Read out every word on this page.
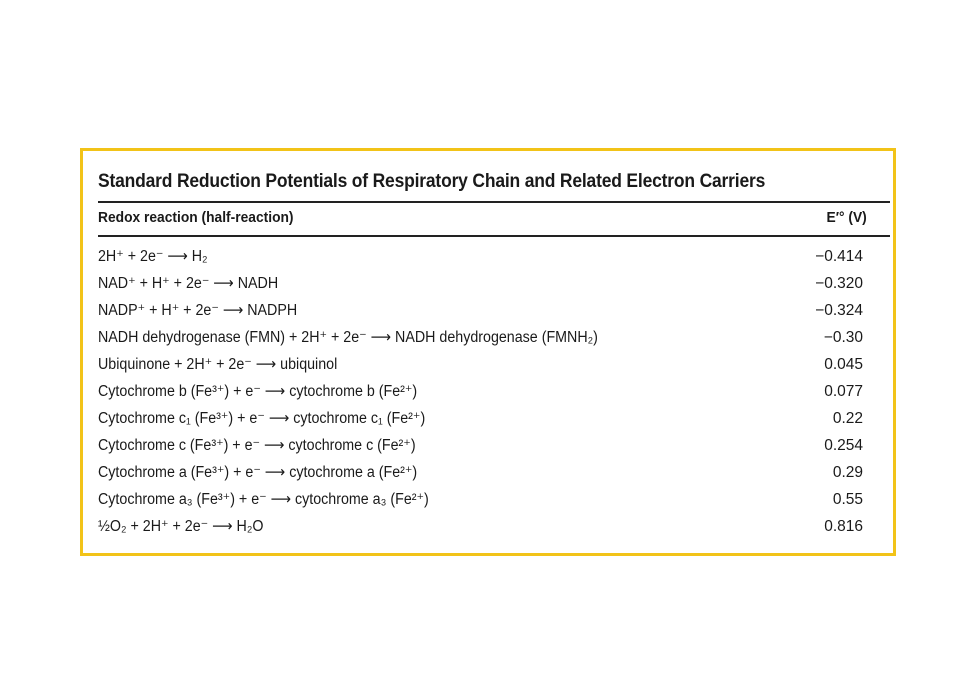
Standard Reduction Potentials of Respiratory Chain and Related Electron Carriers
Redox reaction (half-reaction)	E′° (V)
2H⁺ + 2e⁻ ⟶ H₂	−0.414
NAD⁺ + H⁺ + 2e⁻ ⟶ NADH	−0.320
NADP⁺ + H⁺ + 2e⁻ ⟶ NADPH	−0.324
NADH dehydrogenase (FMN) + 2H⁺ + 2e⁻ ⟶ NADH dehydrogenase (FMNH₂)	−0.30
Ubiquinone + 2H⁺ + 2e⁻ ⟶ ubiquinol	0.045
Cytochrome b (Fe³⁺) + e⁻ ⟶ cytochrome b (Fe²⁺)	0.077
Cytochrome c₁ (Fe³⁺) + e⁻ ⟶ cytochrome c₁ (Fe²⁺)	0.22
Cytochrome c (Fe³⁺) + e⁻ ⟶ cytochrome c (Fe²⁺)	0.254
Cytochrome a (Fe³⁺) + e⁻ ⟶ cytochrome a (Fe²⁺)	0.29
Cytochrome a₃ (Fe³⁺) + e⁻ ⟶ cytochrome a₃ (Fe²⁺)	0.55
½O₂ + 2H⁺ + 2e⁻ ⟶ H₂O	0.816
